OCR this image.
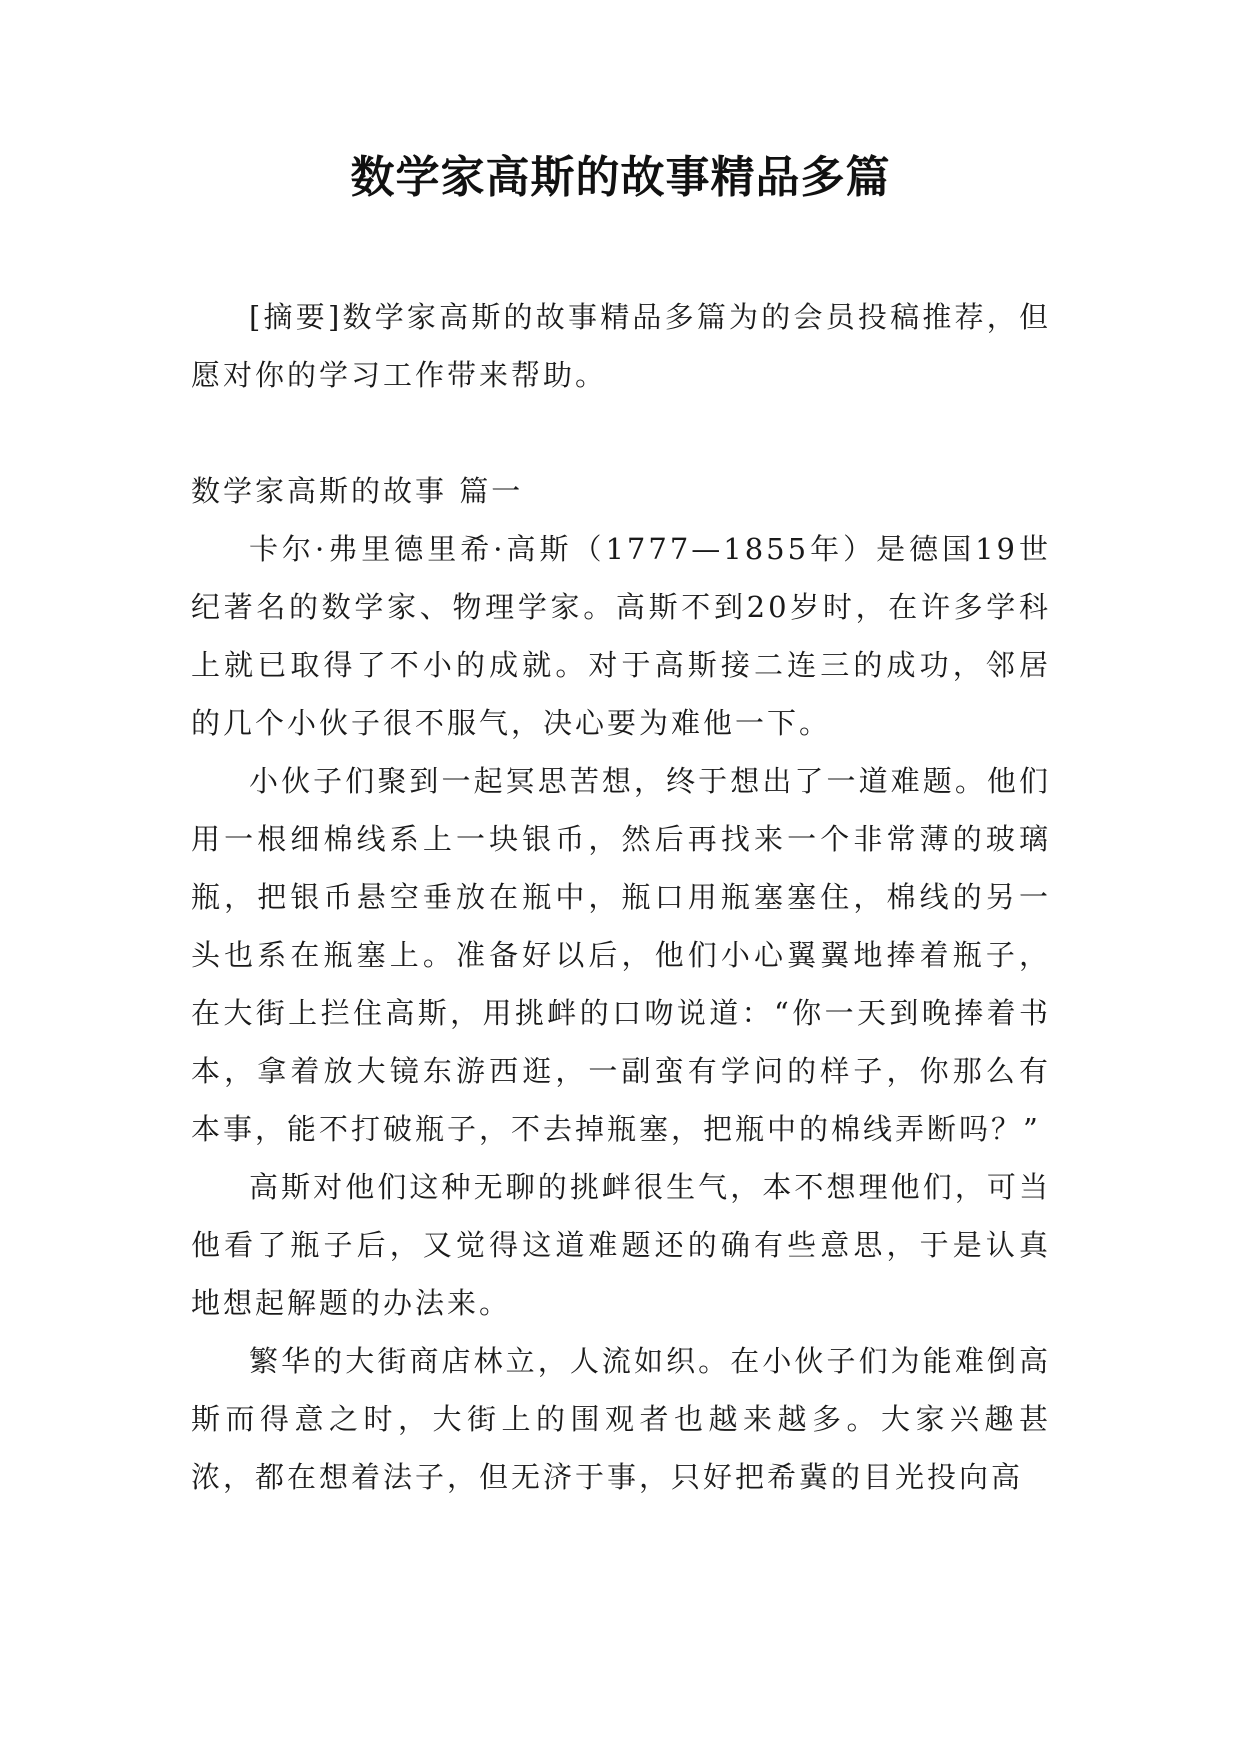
数学家高斯的故事精品多篇

[摘要]数学家高斯的故事精品多篇为的会员投稿推荐，但愿对你的学习工作带来帮助。

数学家高斯的故事 篇一

卡尔·弗里德里希·高斯（1777—1855年）是德国19世纪著名的数学家、物理学家。高斯不到20岁时，在许多学科上就已取得了不小的成就。对于高斯接二连三的成功，邻居的几个小伙子很不服气，决心要为难他一下。

小伙子们聚到一起冥思苦想，终于想出了一道难题。他们用一根细棉线系上一块银币，然后再找来一个非常薄的玻璃瓶，把银币悬空垂放在瓶中，瓶口用瓶塞塞住，棉线的另一头也系在瓶塞上。准备好以后，他们小心翼翼地捧着瓶子，在大街上拦住高斯，用挑衅的口吻说道：“你一天到晚捧着书本，拿着放大镜东游西逛，一副蛮有学问的样子，你那么有本事，能不打破瓶子，不去掉瓶塞，把瓶中的棉线弄断吗？”

高斯对他们这种无聊的挑衅很生气，本不想理他们，可当他看了瓶子后，又觉得这道难题还的确有些意思，于是认真地想起解题的办法来。

繁华的大街商店林立，人流如织。在小伙子们为能难倒高斯而得意之时，大街上的围观者也越来越多。大家兴趣甚浓，都在想着法子，但无济于事，只好把希冀的目光投向高
